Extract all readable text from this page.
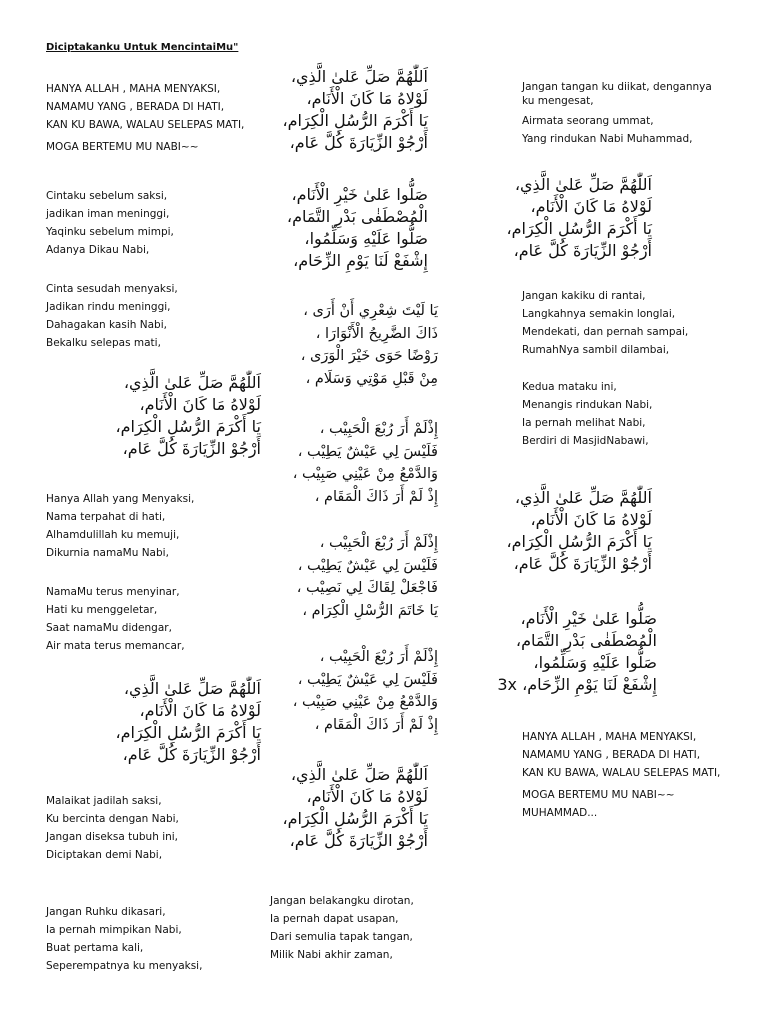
Diciptakanku Untuk MencintaiMu"
HANYA ALLAH , MAHA MENYAKSI,
NAMAMU YANG , BERADA DI HATI,
KAN KU BAWA, WALAU SELEPAS MATI,
MOGA BERTEMU MU NABI~~
Cintaku sebelum saksi,
jadikan iman meninggi,
Yaqinku sebelum mimpi,
Adanya Dikau Nabi,
Cinta sesudah menyaksi,
Jadikan rindu meninggi,
Dahagakan kasih Nabi,
Bekalku selepas mati,
اَللّٰهُمَّ صَلِّ عَلیٰ الَّذِي،
لَوْلاهُ مَا كَانَ الْأَنَام،
يَا أَكْرَمَ الرُّسُلِ الْكِرَام،
أَرْجُوْ الزِّيَارَةَ كُلَّ عَام،
Hanya Allah yang Menyaksi,
Nama terpahat di hati,
Alhamdulillah ku memuji,
Dikurnia namaMu Nabi,
NamaMu terus menyinar,
Hati ku menggeletar,
Saat namaMu didengar,
Air mata terus memancar,
اَللّٰهُمَّ صَلِّ عَلیٰ الَّذِي،
لَوْلاهُ مَا كَانَ الْأَنَام،
يَا أَكْرَمَ الرُّسُلِ الْكِرَام،
أَرْجُوْ الزِّيَارَةَ كُلَّ عَام،
Malaikat jadilah saksi,
Ku bercinta dengan Nabi,
Jangan diseksa tubuh ini,
Diciptakan demi Nabi,
Jangan Ruhku dikasari,
Ia pernah mimpikan Nabi,
Buat pertama kali,
Seperempatnya ku menyaksi,
اَللّٰهُمَّ صَلِّ عَلیٰ الَّذِي،
لَوْلاهُ مَا كَانَ الْأَنَام،
يَا أَكْرَمَ الرُّسُلِ الْكِرَام،
أَرْجُوْ الزِّيَارَةَ كُلَّ عَام،
صَلُّوا عَلیٰ خَيْرِ الْأَنَام،
الْمُصْطَفٰى بَدْرِ التَّمَام،
صَلُّوا عَلَيْهِ وَسَلِّمُوا،
إِشْفَعْ لَنَا يَوْمِ الزِّحَام،
يَا لَيْتَ شِعْرِي أَنْ أَرَى ،
ذَاكَ الضَّرِيحُ الْأَنْوَارَا ،
رَوْضًا حَوَى خَيْرَ الْوَرَى ،
مِنْ قَبْلِ مَوْتِي وَسَلَام ،
إِذْلَمْ أَرَ رُبْعَ الْحَبِيْب ،
فَلَيْسَ لِي عَيْشٌ يَطِيْب ،
وَالدَّمْعُ مِنْ عَيْنِي صَبِيْب ،
إِذْ لَمْ أَرَ ذَاكَ الْمَقَام ،
إِذْلَمْ أَرَ رُبْعَ الْحَبِيْب ،
فَلَيْسَ لِي عَيْشٌ يَطِيْب ،
فَاجْعَلْ لِقَاكَ لِي نَصِيْب ،
يَا خَاتَمَ الرُّسْلِ الْكِرَام ،
إِذْلَمْ أَرَ رُبْعَ الْحَبِيْب ،
فَلَيْسَ لِي عَيْشٌ يَطِيْب ،
وَالدَّمْعُ مِنْ عَيْنِي صَبِيْب ،
إِذْ لَمْ أَرَ ذَاكَ الْمَقَام ،
اَللّٰهُمَّ صَلِّ عَلیٰ الَّذِي،
لَوْلاهُ مَا كَانَ الْأَنَام،
يَا أَكْرَمَ الرُّسُلِ الْكِرَام،
أَرْجُوْ الزِّيَارَةَ كُلَّ عَام،
Jangan belakangku dirotan,
Ia pernah dapat usapan,
Dari semulia tapak tangan,
Milik Nabi akhir zaman,
Jangan tangan ku diikat, dengannya ku mengesat,
Airmata seorang ummat,
Yang rindukan Nabi Muhammad,
اَللّٰهُمَّ صَلِّ عَلیٰ الَّذِي،
لَوْلاهُ مَا كَانَ الْأَنَام،
يَا أَكْرَمَ الرُّسُلِ الْكِرَام،
أَرْجُوْ الزِّيَارَةَ كُلَّ عَام،
Jangan kakiku di rantai,
Langkahnya semakin longlai,
Mendekati, dan pernah sampai,
RumahNya sambil dilambai,
Kedua mataku ini,
Menangis rindukan Nabi,
Ia pernah melihat Nabi,
Berdiri di MasjidNabawi,
اَللّٰهُمَّ صَلِّ عَلیٰ الَّذِي،
لَوْلاهُ مَا كَانَ الْأَنَام،
يَا أَكْرَمَ الرُّسُلِ الْكِرَام،
أَرْجُوْ الزِّيَارَةَ كُلَّ عَام،
صَلُّوا عَلیٰ خَيْرِ الْأَنَام،
الْمُصْطَفٰى بَدْرِ التَّمَام،
صَلُّوا عَلَيْهِ وَسَلِّمُوا،
إِشْفَعْ لَنَا يَوْمِ الزِّحَام، 3x
HANYA ALLAH , MAHA MENYAKSI,
NAMAMU YANG , BERADA DI HATI,
KAN KU BAWA, WALAU SELEPAS MATI,
MOGA BERTEMU MU NABI~~
MUHAMMAD...
